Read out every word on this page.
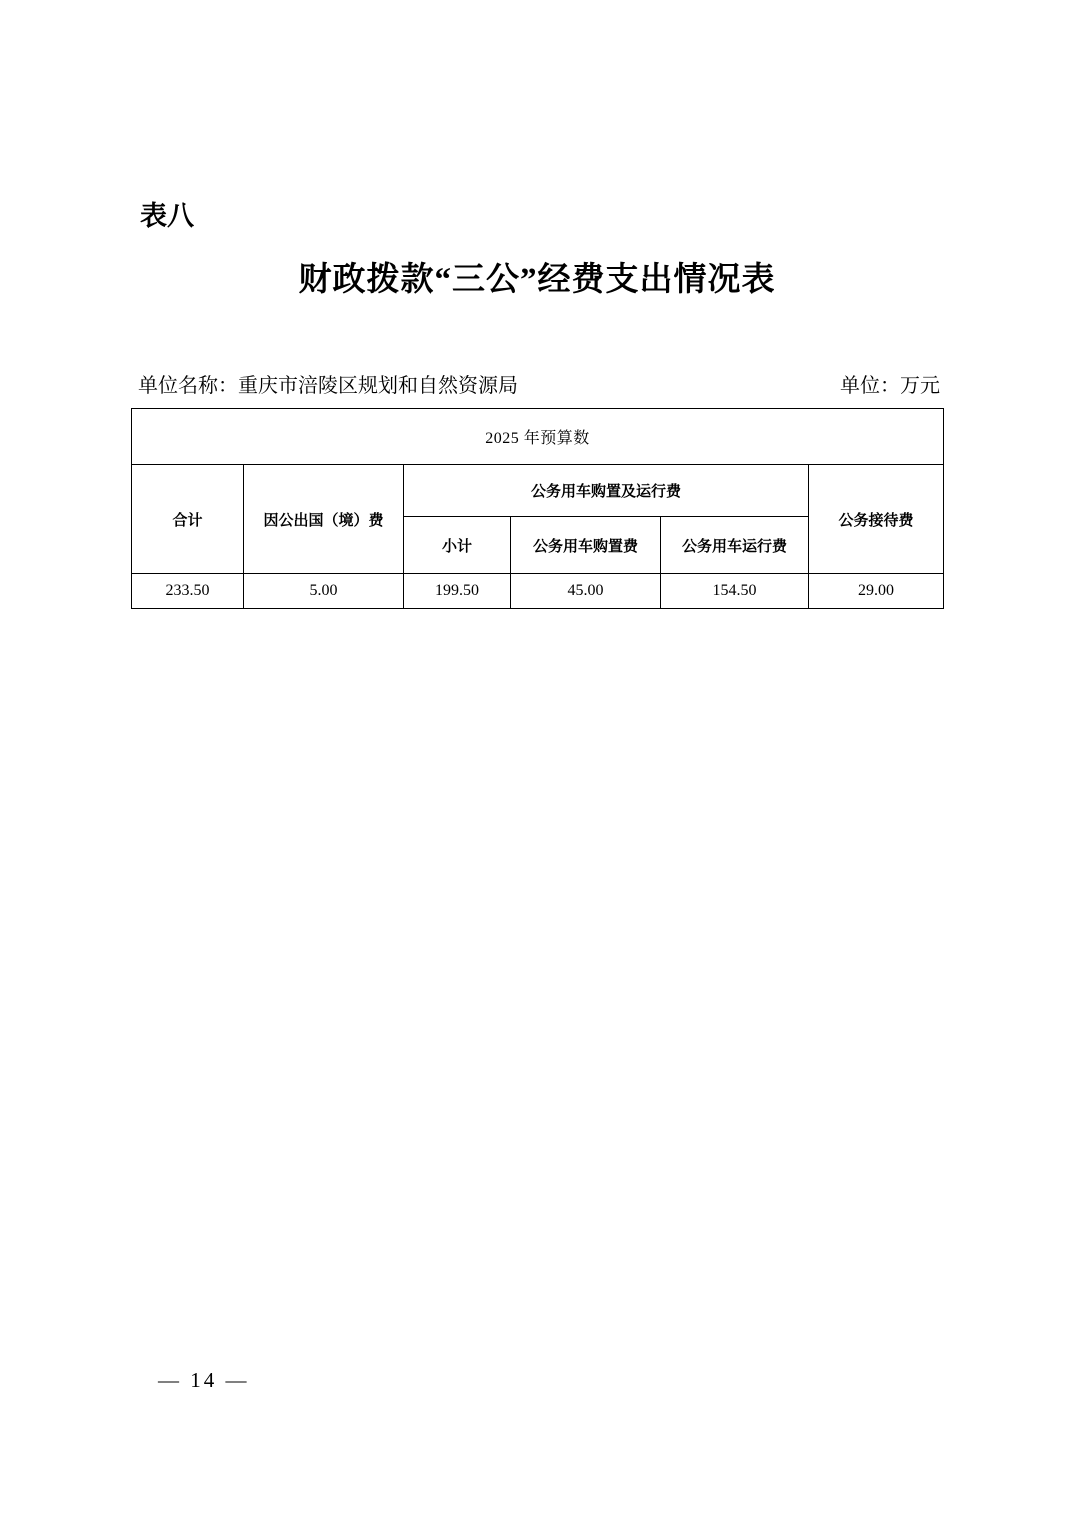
表八
财政拨款“三公”经费支出情况表
单位名称：重庆市涪陵区规划和自然资源局	单位：万元
2025 年预算数					
合计	因公出国（境）费	公务用车购置及运行费			公务接待费
		小计	公务用车购置费	公务用车运行费	
233.50	5.00	199.50	45.00	154.50	29.00
— 14 —
